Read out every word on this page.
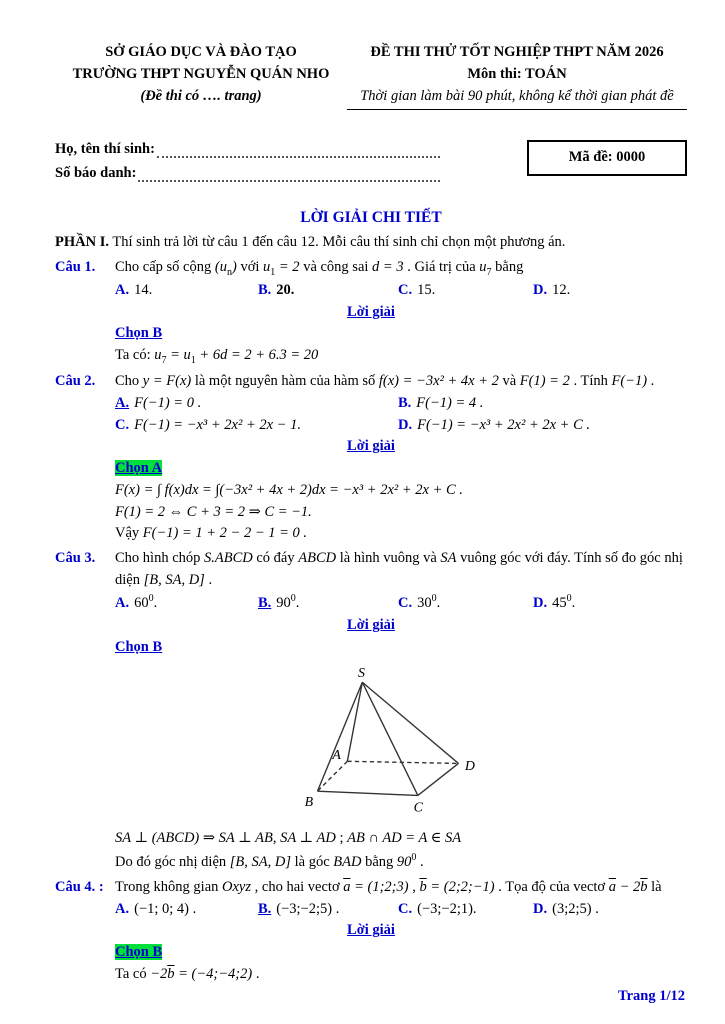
SỞ GIÁO DỤC VÀ ĐÀO TẠO
TRƯỜNG THPT NGUYỄN QUÁN NHO
(Đề thi có …. trang)
ĐỀ THI THỬ TỐT NGHIỆP THPT NĂM 2026
Môn thi: TOÁN
Thời gian làm bài 90 phút, không kể thời gian phát đề
Họ, tên thí sinh:
Số báo danh:
Mã đề: 0000
LỜI GIẢI CHI TIẾT
PHẦN I. Thí sinh trả lời từ câu 1 đến câu 12. Mỗi câu thí sinh chỉ chọn một phương án.
Câu 1.	Cho cấp số cộng $(u_n)$ với $u_1 = 2$ và công sai d = 3 . Giá trị của $u_7$ bằng
A. 14.	B. 20.	C. 15.	D. 12.
Lời giải
Chọn B
Ta có: $u_7 = u_1 + 6d = 2 + 6.3 = 20$
Câu 2.	Cho y = F(x) là một nguyên hàm của hàm số f(x) = −3x² + 4x + 2 và F(1) = 2 . Tính F(−1) .
A. F(−1) = 0 .	B. F(−1) = 4 .
C. F(−1) = −x³ + 2x² + 2x − 1.	D. F(−1) = −x³ + 2x² + 2x + C .
Lời giải
Chọn A
F(x) = ∫ f(x)dx = ∫(−3x² + 4x + 2)dx = −x³ + 2x² + 2x + C .
F(1) = 2 ⇔ C + 3 = 2 ⇒ C = −1.
Vậy F(−1) = 1 + 2 − 2 − 1 = 0 .
Câu 3.	Cho hình chóp S.ABCD có đáy ABCD là hình vuông và SA vuông góc với đáy. Tính số đo góc nhị diện [B, SA, D] .
A. $60^0$.	B. $90^0$.	C. $30^0$.	D. $45^0$.
Lời giải
Chọn B
S
A
B	C
D
SA ⊥ (ABCD) ⇒ SA ⊥ AB, SA ⊥ AD ; AB ∩ AD = A ∈ SA
Do đó góc nhị diện [B, SA, D] là góc BAD bằng $90^0$ .
Câu 4. : Trong không gian Oxyz , cho hai vectơ $\overline{a}$ = (1;2;3) , $\overline{b}$ = (2;2;−1) . Tọa độ của vectơ $\overline{a} - 2\overline{b}$ là
A. (−1; 0; 4) .	B. (−3;−2;5) .	C. (−3;−2;1).	D. (3;2;5) .
Lời giải
Chọn B
Ta có $-2\overline{b}$ = (−4;−4;2) .
Trang 1/12
